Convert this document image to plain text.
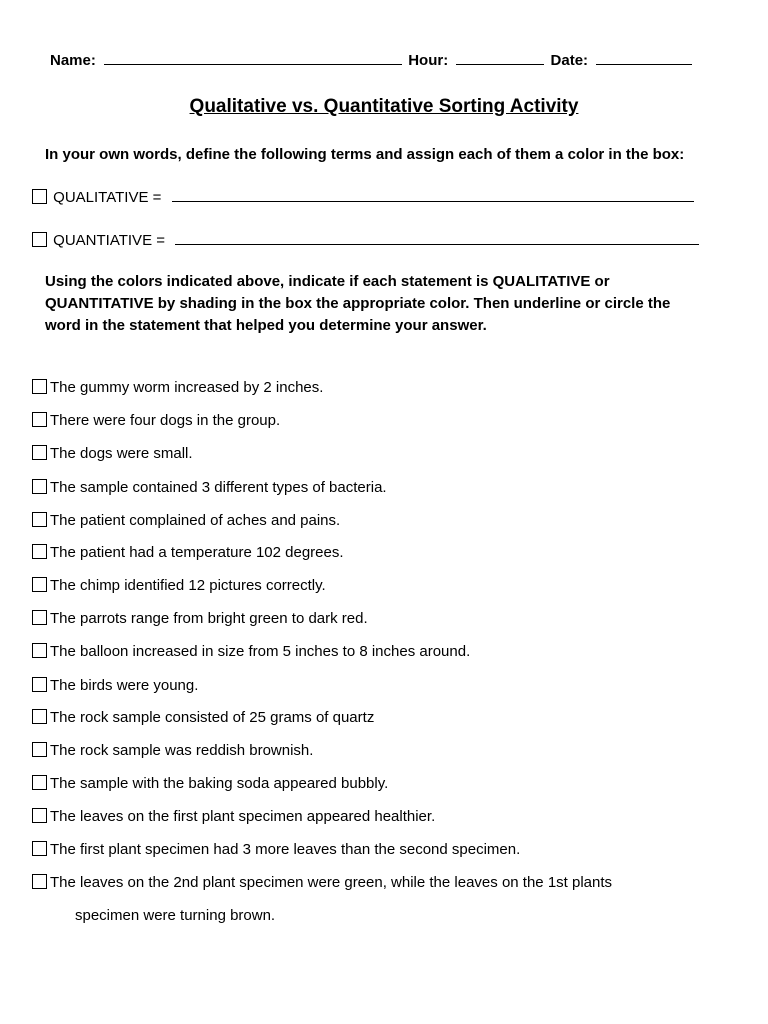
Name:	Hour:	Date:
Qualitative vs. Quantitative Sorting Activity
In your own words, define the following terms and assign each of them a color in the box:
QUALITATIVE =
QUANTIATIVE =
Using the colors indicated above, indicate if each statement is QUALITATIVE or
QUANTITATIVE by shading in the box the appropriate color. Then underline or circle the
word in the statement that helped you determine your answer.
The gummy worm increased by 2 inches.
There were four dogs in the group.
The dogs were small.
The sample contained 3 different types of bacteria.
The patient complained of aches and pains.
The patient had a temperature 102 degrees.
The chimp identified 12 pictures correctly.
The parrots range from bright green to dark red.
The balloon increased in size from 5 inches to 8 inches around.
The birds were young.
The rock sample consisted of 25 grams of quartz
The rock sample was reddish brownish.
The sample with the baking soda appeared bubbly.
The leaves on the first plant specimen appeared healthier.
The first plant specimen had 3 more leaves than the second specimen.
The leaves on the 2nd plant specimen were green, while the leaves on the 1st plants
specimen were turning brown.
